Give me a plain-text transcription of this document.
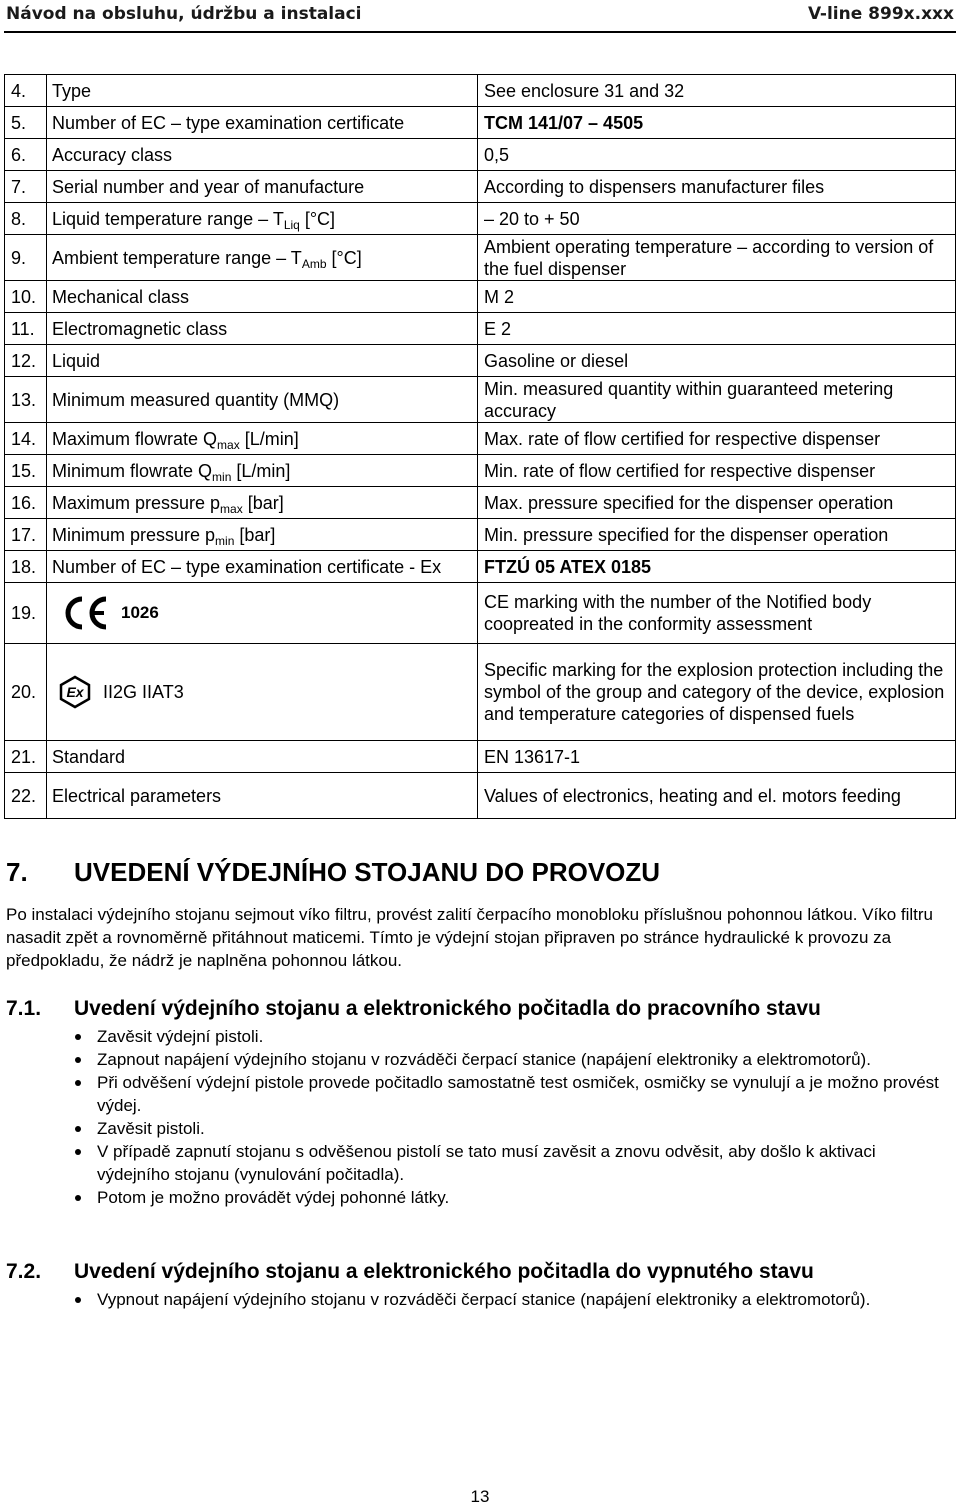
Návod na obsluhu, údržbu a instalaci	V-line 899x.xxx
4.	Type	See enclosure 31 and 32
5.	Number of EC – type examination certificate	TCM 141/07 – 4505
6.	Accuracy class	0,5
7.	Serial number and year of manufacture	According to dispensers manufacturer files
8.	Liquid temperature range – $T_{Liq}$ [°C]	– 20 to + 50
9.	Ambient temperature range – $T_{Amb}$ [°C]	Ambient operating temperature – according to version of the fuel dispenser
10.	Mechanical class	M 2
11.	Electromagnetic class	E 2
12.	Liquid	Gasoline or diesel
13.	Minimum measured quantity (MMQ)	Min. measured quantity within guaranteed metering accuracy
14.	Maximum flowrate $Q_{max}$ [L/min]	Max. rate of flow certified for respective dispenser
15.	Minimum flowrate $Q_{min}$ [L/min]	Min. rate of flow certified for respective dispenser
16.	Maximum pressure $p_{max}$ [bar]	Max. pressure specified for the dispenser operation
17.	Minimum pressure $p_{min}$ [bar]	Min. pressure specified for the dispenser operation
18.	Number of EC – type examination certificate - Ex	FTZÚ 05 ATEX 0185
19.	1026	CE marking with the number of the Notified body coopreated in the conformity assessment
20.	Ex II2G IIAT3	Specific marking for the explosion protection including the symbol of the group and category of the device, explosion and temperature categories of dispensed fuels
21.	Standard	EN 13617-1
22.	Electrical parameters	Values of electronics, heating and el. motors feeding
7. UVEDENÍ VÝDEJNÍHO STOJANU DO PROVOZU
Po instalaci výdejního stojanu sejmout víko filtru, provést zalití čerpacího monobloku příslušnou pohonnou látkou. Víko filtru nasadit zpět a rovnoměrně přitáhnout maticemi. Tímto je výdejní stojan připraven po stránce hydraulické k provozu za předpokladu, že nádrž je naplněna pohonnou látkou.
7.1. Uvedení výdejního stojanu a elektronického počitadla do pracovního stavu
Zavěsit výdejní pistoli.
Zapnout napájení výdejního stojanu v rozváděči čerpací stanice (napájení elektroniky a elektromotorů).
Při odvěšení výdejní pistole provede počitadlo samostatně test osmiček, osmičky se vynulují a je možno provést výdej.
Zavěsit pistoli.
V případě zapnutí stojanu s odvěšenou pistolí se tato musí zavěsit a znovu odvěsit, aby došlo k aktivaci výdejního stojanu (vynulování počitadla).
Potom je možno provádět výdej pohonné látky.
7.2. Uvedení výdejního stojanu a elektronického počitadla do vypnutého stavu
Vypnout napájení výdejního stojanu v rozváděči čerpací stanice (napájení elektroniky a elektromotorů).
13
